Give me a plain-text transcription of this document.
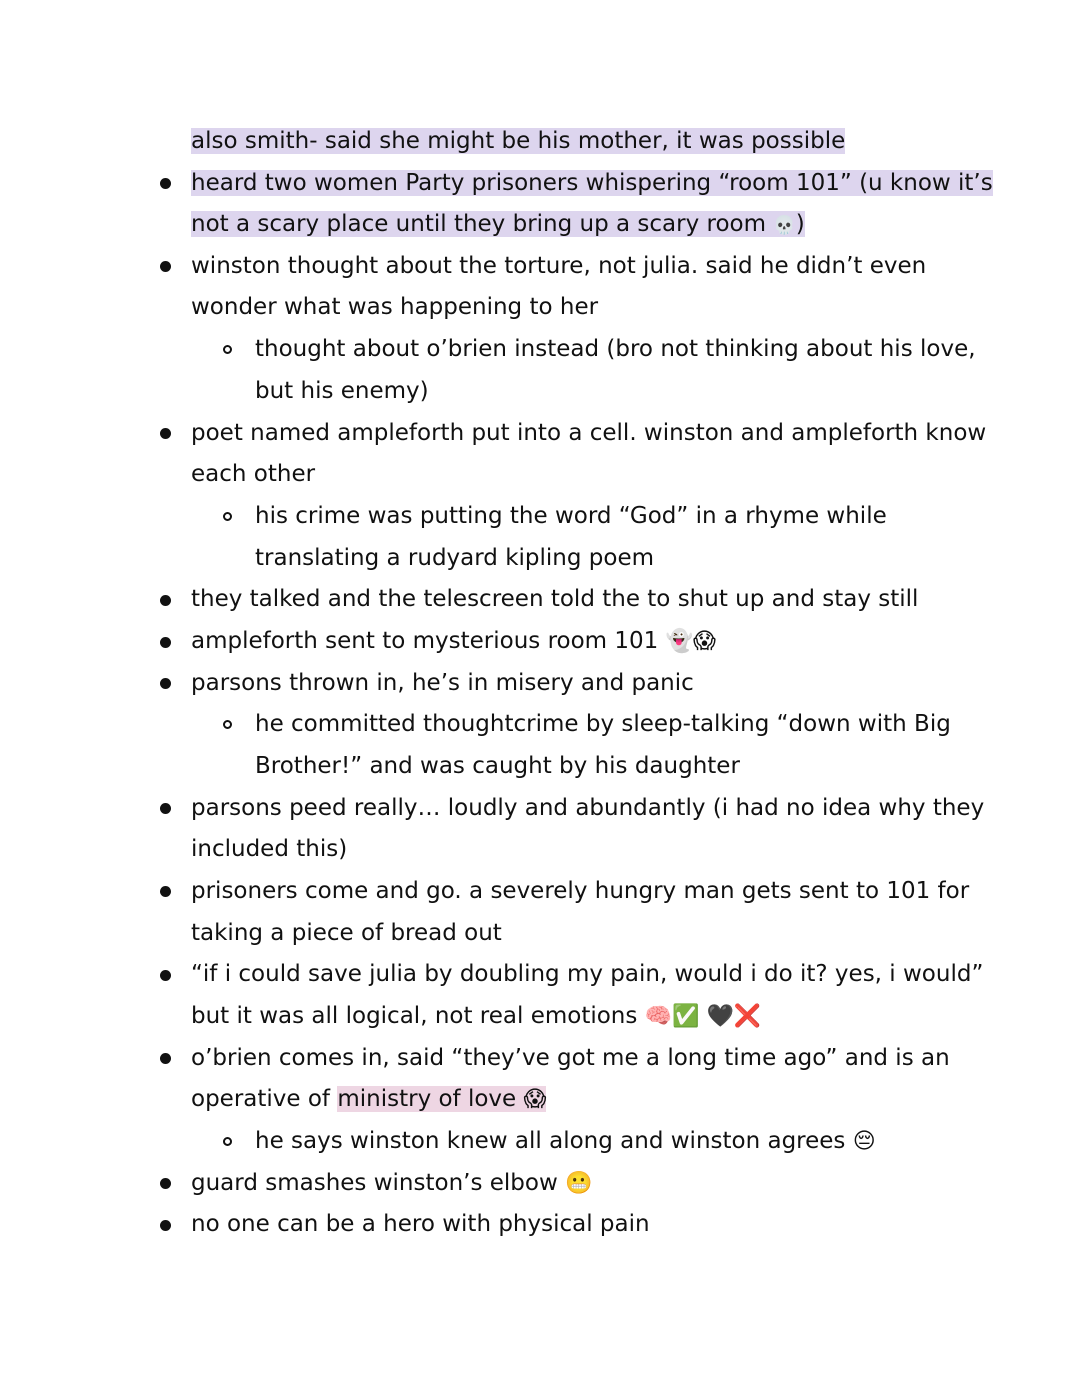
also smith- said she might be his mother, it was possible
heard two women Party prisoners whispering “room 101” (u know it’s
not a scary place until they bring up a scary room 💀)
winston thought about the torture, not julia. said he didn’t even
wonder what was happening to her
thought about o’brien instead (bro not thinking about his love,
but his enemy)
poet named ampleforth put into a cell. winston and ampleforth know
each other
his crime was putting the word “God” in a rhyme while
translating a rudyard kipling poem
they talked and the telescreen told the to shut up and stay still
ampleforth sent to mysterious room 101 👻😱
parsons thrown in, he’s in misery and panic
he committed thoughtcrime by sleep-talking “down with Big
Brother!” and was caught by his daughter
parsons peed really… loudly and abundantly (i had no idea why they
included this)
prisoners come and go. a severely hungry man gets sent to 101 for
taking a piece of bread out
“if i could save julia by doubling my pain, would i do it? yes, i would”
but it was all logical, not real emotions 🧠✅ 🖤❌
o’brien comes in, said “they’ve got me a long time ago” and is an
operative of ministry of love 😱
he says winston knew all along and winston agrees 😔
guard smashes winston’s elbow 😬
no one can be a hero with physical pain
